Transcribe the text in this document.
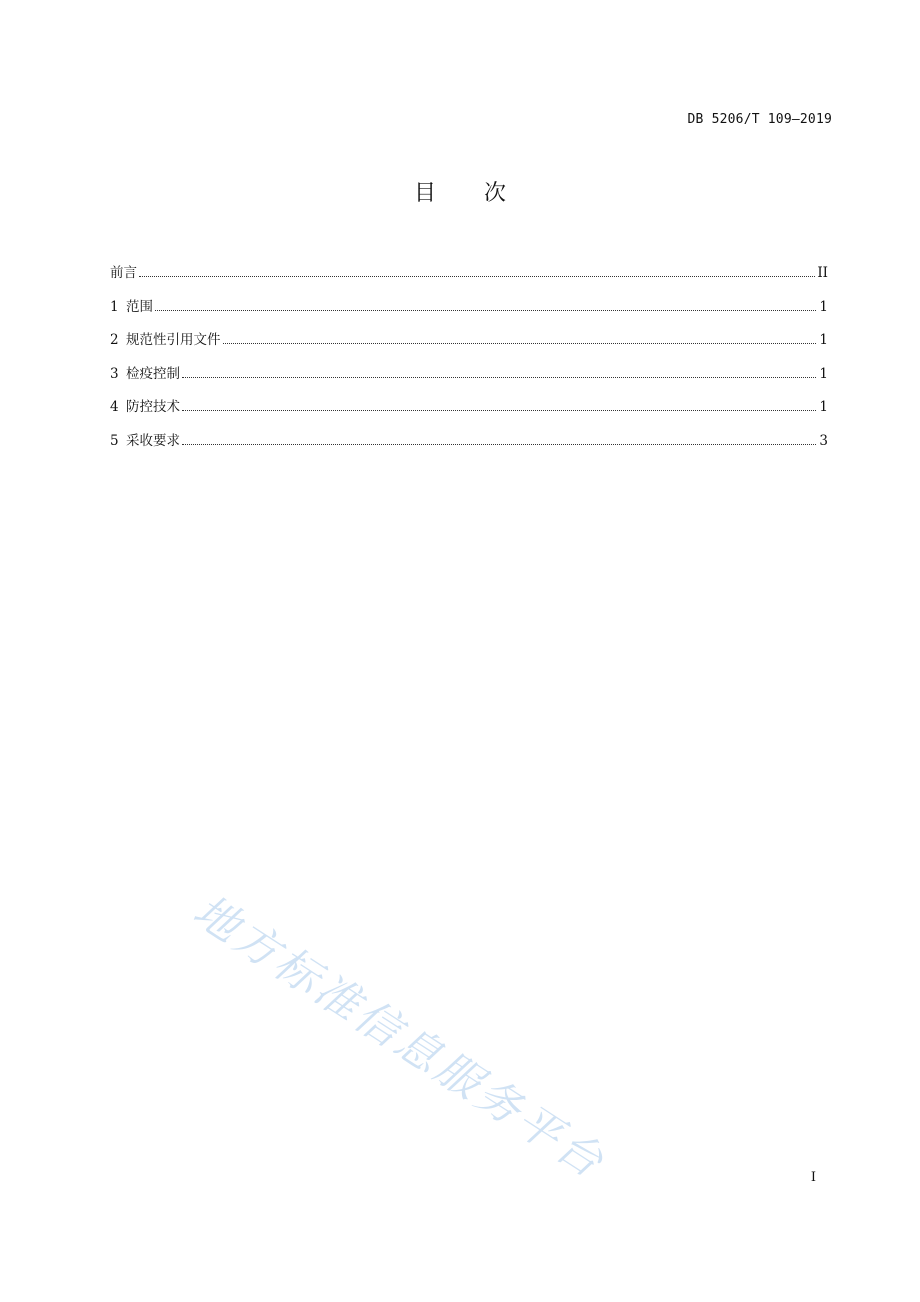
DB 5206/T 109—2019
目 次
前言	II
1 范围	1
2 规范性引用文件	1
3 检疫控制	1
4 防控技术	1
5 采收要求	3
地方标准信息服务平台	I
